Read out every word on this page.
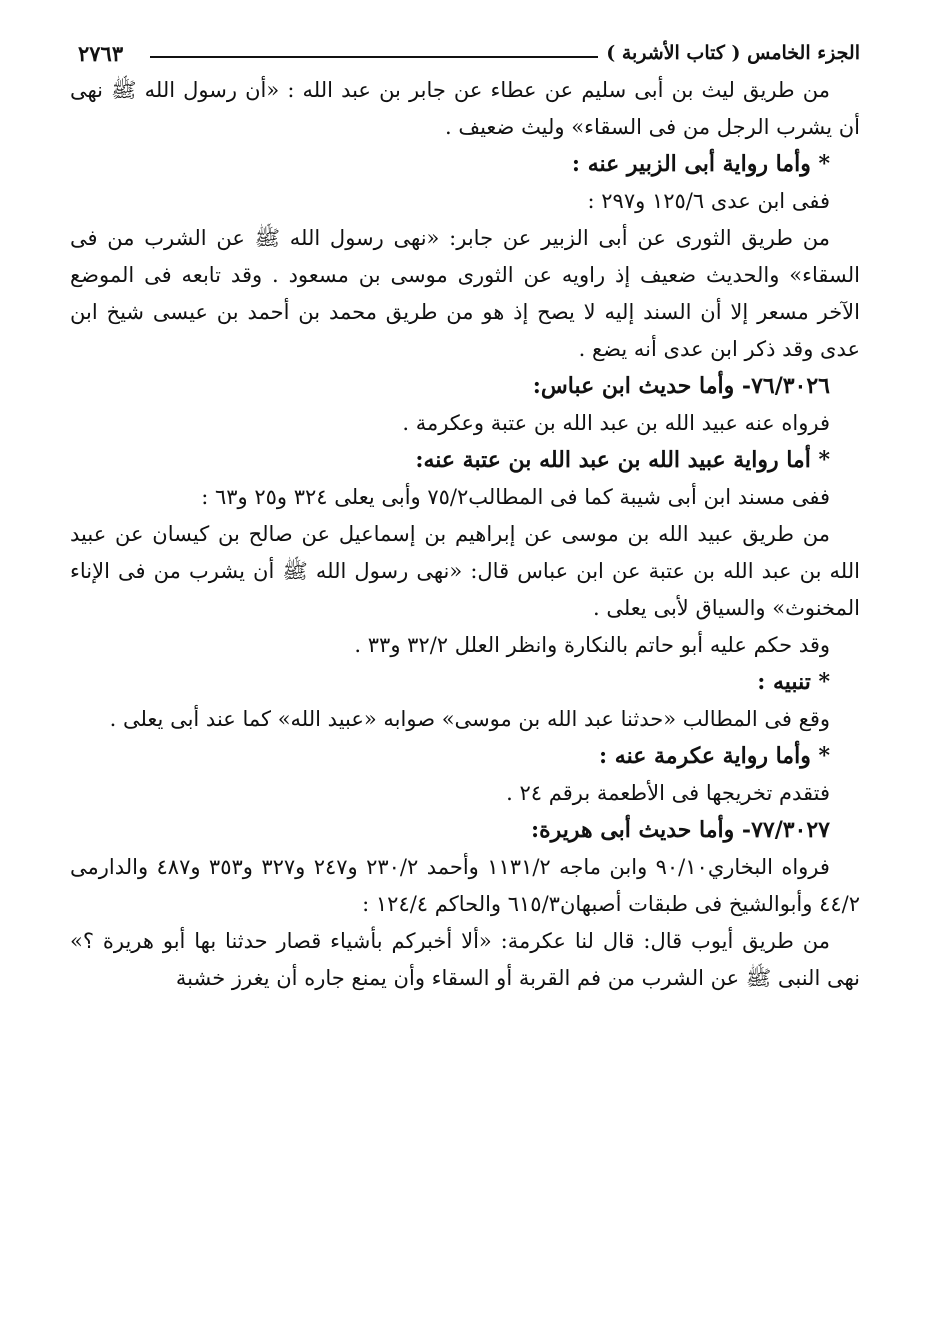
الجزء الخامس ( كتاب الأشربة )
٢٧٦٣

من طريق ليث بن أبى سليم عن عطاء عن جابر بن عبد الله : «أن رسول الله ﷺ نهى أن يشرب الرجل من فى السقاء» وليث ضعيف .

* وأما رواية أبى الزبير عنه :

ففى ابن عدى ١٢٥/٦ و٢٩٧ :

من طريق الثورى عن أبى الزبير عن جابر: «نهى رسول الله ﷺ عن الشرب من فى السقاء» والحديث ضعيف إذ راويه عن الثورى موسى بن مسعود . وقد تابعه فى الموضع الآخر مسعر إلا أن السند إليه لا يصح إذ هو من طريق محمد بن أحمد بن عيسى شيخ ابن عدى وقد ذكر ابن عدى أنه يضع .

٧٦/٣٠٢٦- وأما حديث ابن عباس:

فرواه عنه عبيد الله بن عبد الله بن عتبة وعكرمة .

* أما رواية عبيد الله بن عبد الله بن عتبة عنه:

ففى مسند ابن أبى شيبة كما فى المطالب٧٥/٢ وأبى يعلى ٣٢٤ و٢٥ و٦٣ :

من طريق عبيد الله بن موسى عن إبراهيم بن إسماعيل عن صالح بن كيسان عن عبيد الله بن عبد الله بن عتبة عن ابن عباس قال: «نهى رسول الله ﷺ أن يشرب من فى الإناء المخنوث» والسياق لأبى يعلى .

وقد حكم عليه أبو حاتم بالنكارة وانظر العلل ٣٢/٢ و٣٣ .

* تنبيه :

وقع فى المطالب «حدثنا عبد الله بن موسى» صوابه «عبيد الله» كما عند أبى يعلى .

* وأما رواية عكرمة عنه :

فتقدم تخريجها فى الأطعمة برقم ٢٤ .

٧٧/٣٠٢٧- وأما حديث أبى هريرة:

فرواه البخاري٩٠/١٠ وابن ماجه ١١٣١/٢ وأحمد ٢٣٠/٢ و٢٤٧ و٣٢٧ و٣٥٣ و٤٨٧ والدارمى ٤٤/٢ وأبوالشيخ فى طبقات أصبهان٦١٥/٣ والحاكم ١٢٤/٤ :

من طريق أيوب قال: قال لنا عكرمة: «ألا أخبركم بأشياء قصار حدثنا بها أبو هريرة ؟» نهى النبى ﷺ عن الشرب من فم القربة أو السقاء وأن يمنع جاره أن يغرز خشبة
